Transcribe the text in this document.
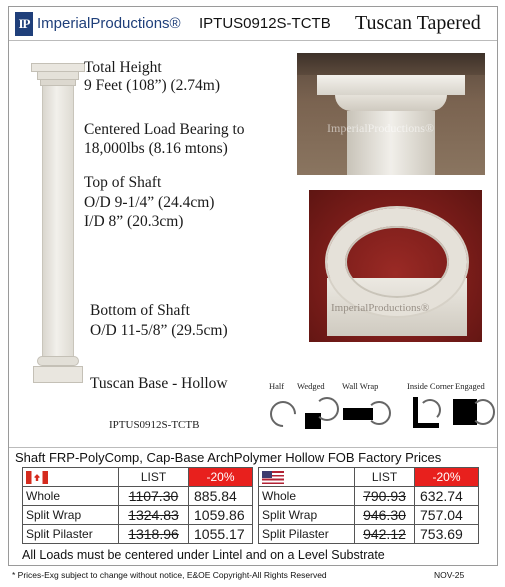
IP ImperialProductions® IPTUS0912S-TCTB Tuscan Tapered
Total Height
9 Feet (108”) (2.74m)
Centered Load Bearing to
18,000lbs (8.16 mtons)
Top of Shaft
O/D 9-1/4” (24.4cm)
I/D 8” (20.3cm)
Bottom of Shaft
O/D 11-5/8” (29.5cm)
Tuscan Base - Hollow
IPTUS0912S-TCTB
ImperialProductions®
ImperialProductions®
Half Wedged Wall Wrap	Inside Corner Engaged
Shaft FRP-PolyComp, Cap-Base ArchPolymer Hollow FOB Factory Prices
	LIST	-20%
Whole	1107.30	885.84
Split Wrap	1324.83	1059.86
Split Pilaster	1318.96	1055.17
	LIST	-20%
Whole	790.93	632.74
Split Wrap	946.30	757.04
Split Pilaster	942.12	753.69
All Loads must be centered under Lintel and on a Level Substrate
* Prices-Exg subject to change without notice, E&OE Copyright-All Rights Reserved	NOV-25
